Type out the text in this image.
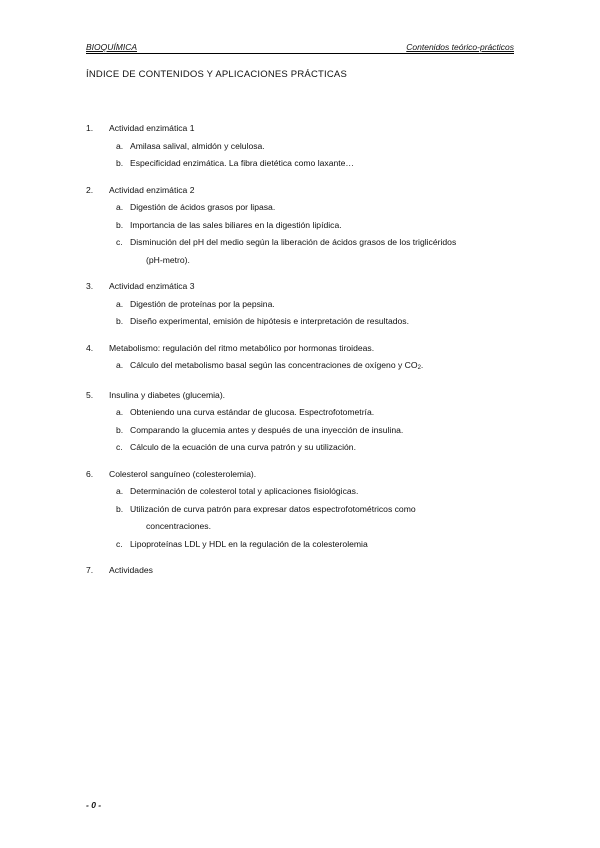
BIOQUÍMICA	Contenidos teórico-prácticos
ÍNDICE DE CONTENIDOS Y APLICACIONES PRÁCTICAS
1.	Actividad enzimática 1
a. Amilasa salival, almidón y celulosa.
b. Especificidad enzimática. La fibra dietética como laxante…
2.	Actividad enzimática 2
a. Digestión de ácidos grasos por lipasa.
b. Importancia de las sales biliares en la digestión lipídica.
c. Disminución del pH del medio según la liberación de ácidos grasos de los triglicéridos
(pH-metro).
3.	Actividad enzimática 3
a. Digestión de proteínas por la pepsina.
b. Diseño experimental, emisión de hipótesis e interpretación de resultados.
4.	Metabolismo: regulación del ritmo metabólico por hormonas tiroideas.
a. Cálculo del metabolismo basal según las concentraciones de oxígeno y $CO_2$.
5.	Insulina y diabetes (glucemia).
a. Obteniendo una curva estándar de glucosa. Espectrofotometría.
b. Comparando la glucemia antes y después de una inyección de insulina.
c. Cálculo de la ecuación de una curva patrón y su utilización.
6.	Colesterol sanguíneo (colesterolemia).
a. Determinación de colesterol total y aplicaciones fisiológicas.
b. Utilización de curva patrón para expresar datos espectrofotométricos como
concentraciones.
c. Lipoproteínas LDL y HDL en la regulación de la colesterolemia
7.	Actividades
- 0 -
